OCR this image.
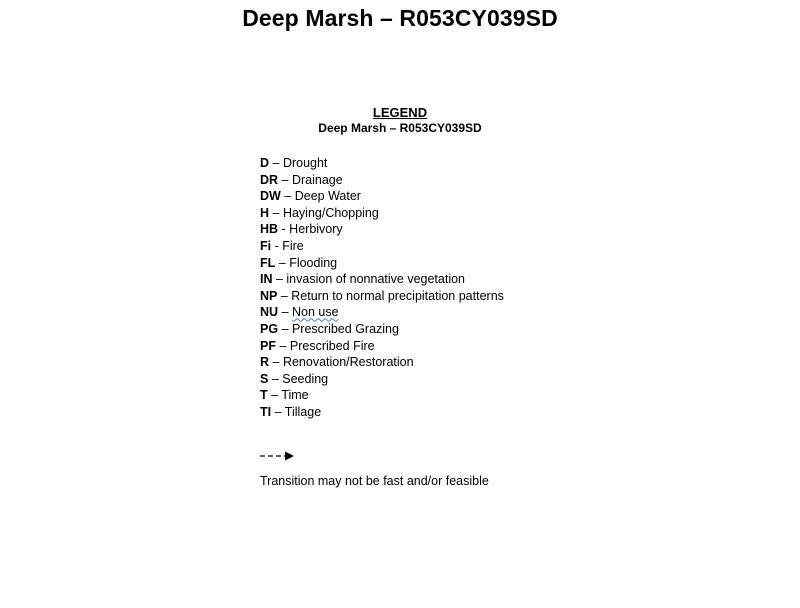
Deep Marsh – R053CY039SD
LEGEND
Deep Marsh – R053CY039SD
D – Drought
DR – Drainage
DW – Deep Water
H – Haying/Chopping
HB - Herbivory
Fi - Fire
FL – Flooding
IN – invasion of nonnative vegetation
NP – Return to normal precipitation patterns
NU – Non use
PG – Prescribed Grazing
PF – Prescribed Fire
R – Renovation/Restoration
S – Seeding
T – Time
TI – Tillage
Transition may not be fast and/or feasible
